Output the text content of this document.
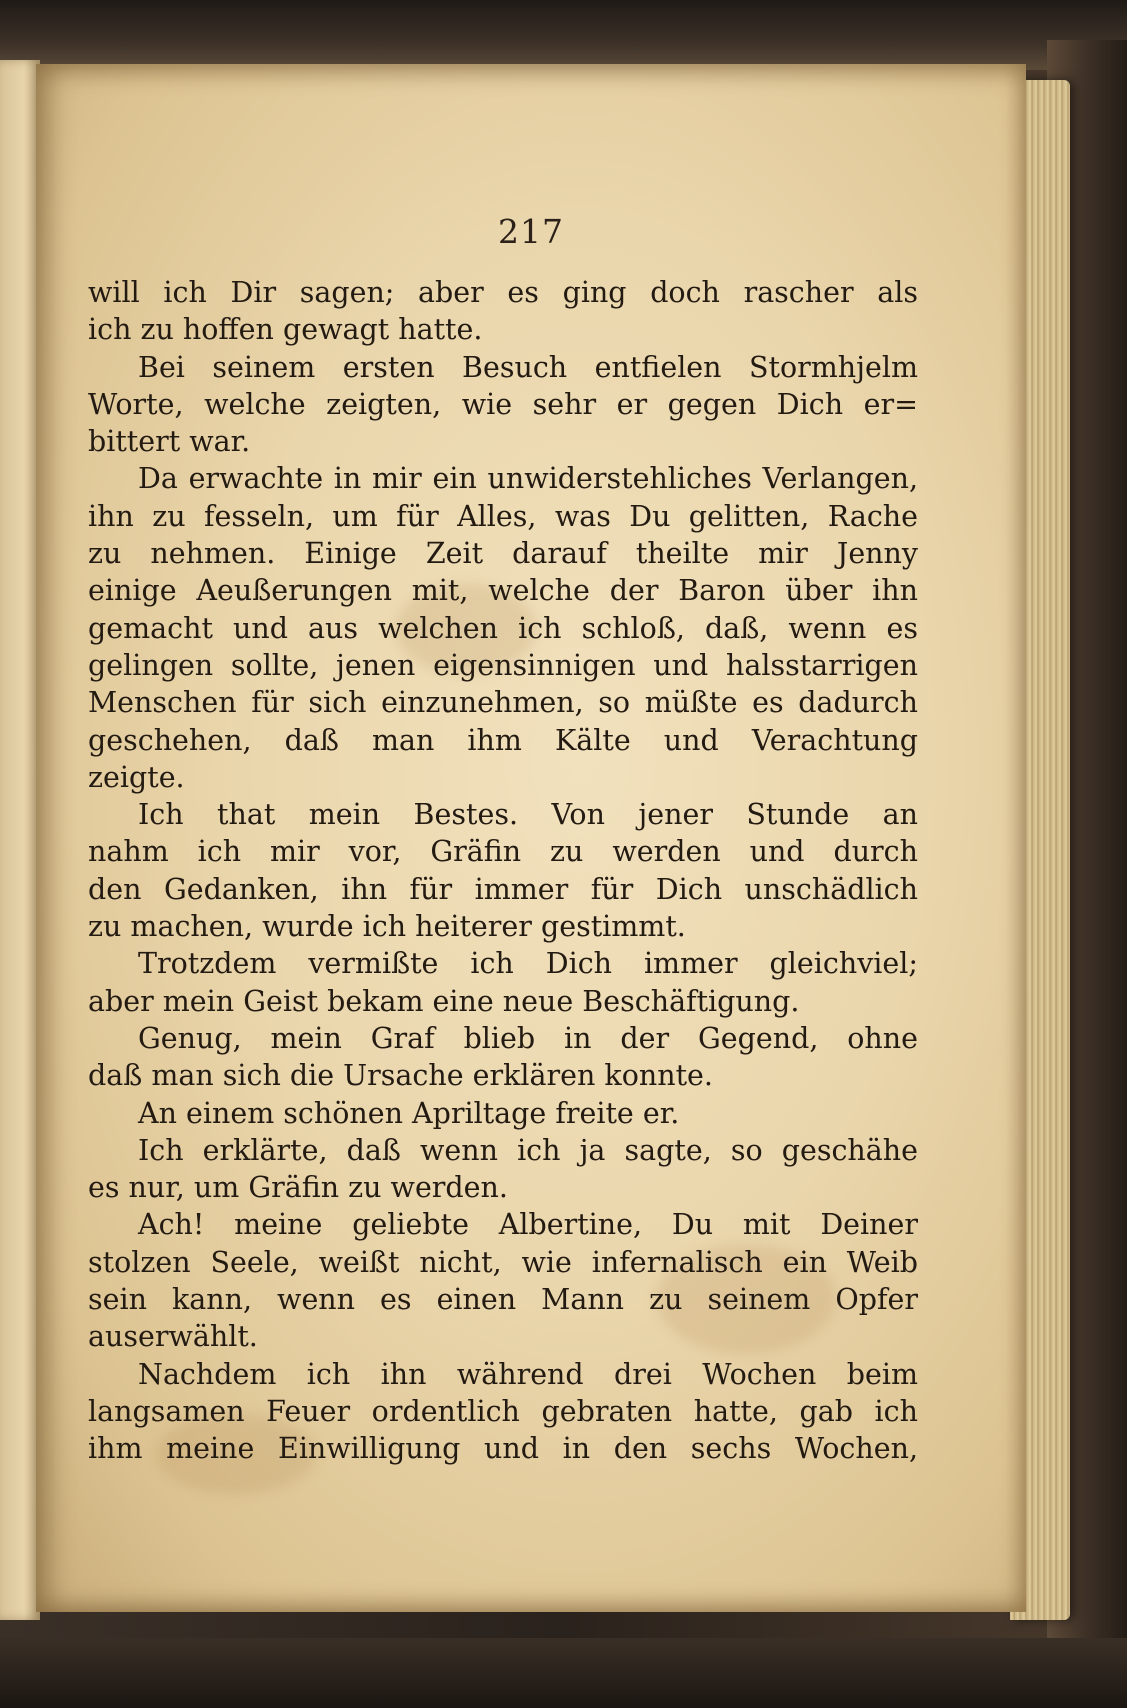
217
will ich Dir sagen; aber es ging doch rascher als
ich zu hoffen gewagt hatte.
Bei seinem ersten Besuch entfielen Stormhjelm
Worte, welche zeigten, wie sehr er gegen Dich er=
bittert war.
Da erwachte in mir ein unwiderstehliches Verlangen,
ihn zu fesseln, um für Alles, was Du gelitten, Rache
zu nehmen. Einige Zeit darauf theilte mir Jenny
einige Aeußerungen mit, welche der Baron über ihn
gemacht und aus welchen ich schloß, daß, wenn es
gelingen sollte, jenen eigensinnigen und halsstarrigen
Menschen für sich einzunehmen, so müßte es dadurch
geschehen, daß man ihm Kälte und Verachtung
zeigte.
Ich that mein Bestes. Von jener Stunde an
nahm ich mir vor, Gräfin zu werden und durch
den Gedanken, ihn für immer für Dich unschädlich
zu machen, wurde ich heiterer gestimmt.
Trotzdem vermißte ich Dich immer gleichviel;
aber mein Geist bekam eine neue Beschäftigung.
Genug, mein Graf blieb in der Gegend, ohne
daß man sich die Ursache erklären konnte.
An einem schönen Apriltage freite er.
Ich erklärte, daß wenn ich ja sagte, so geschähe
es nur, um Gräfin zu werden.
Ach! meine geliebte Albertine, Du mit Deiner
stolzen Seele, weißt nicht, wie infernalisch ein Weib
sein kann, wenn es einen Mann zu seinem Opfer
auserwählt.
Nachdem ich ihn während drei Wochen beim
langsamen Feuer ordentlich gebraten hatte, gab ich
ihm meine Einwilligung und in den sechs Wochen,
